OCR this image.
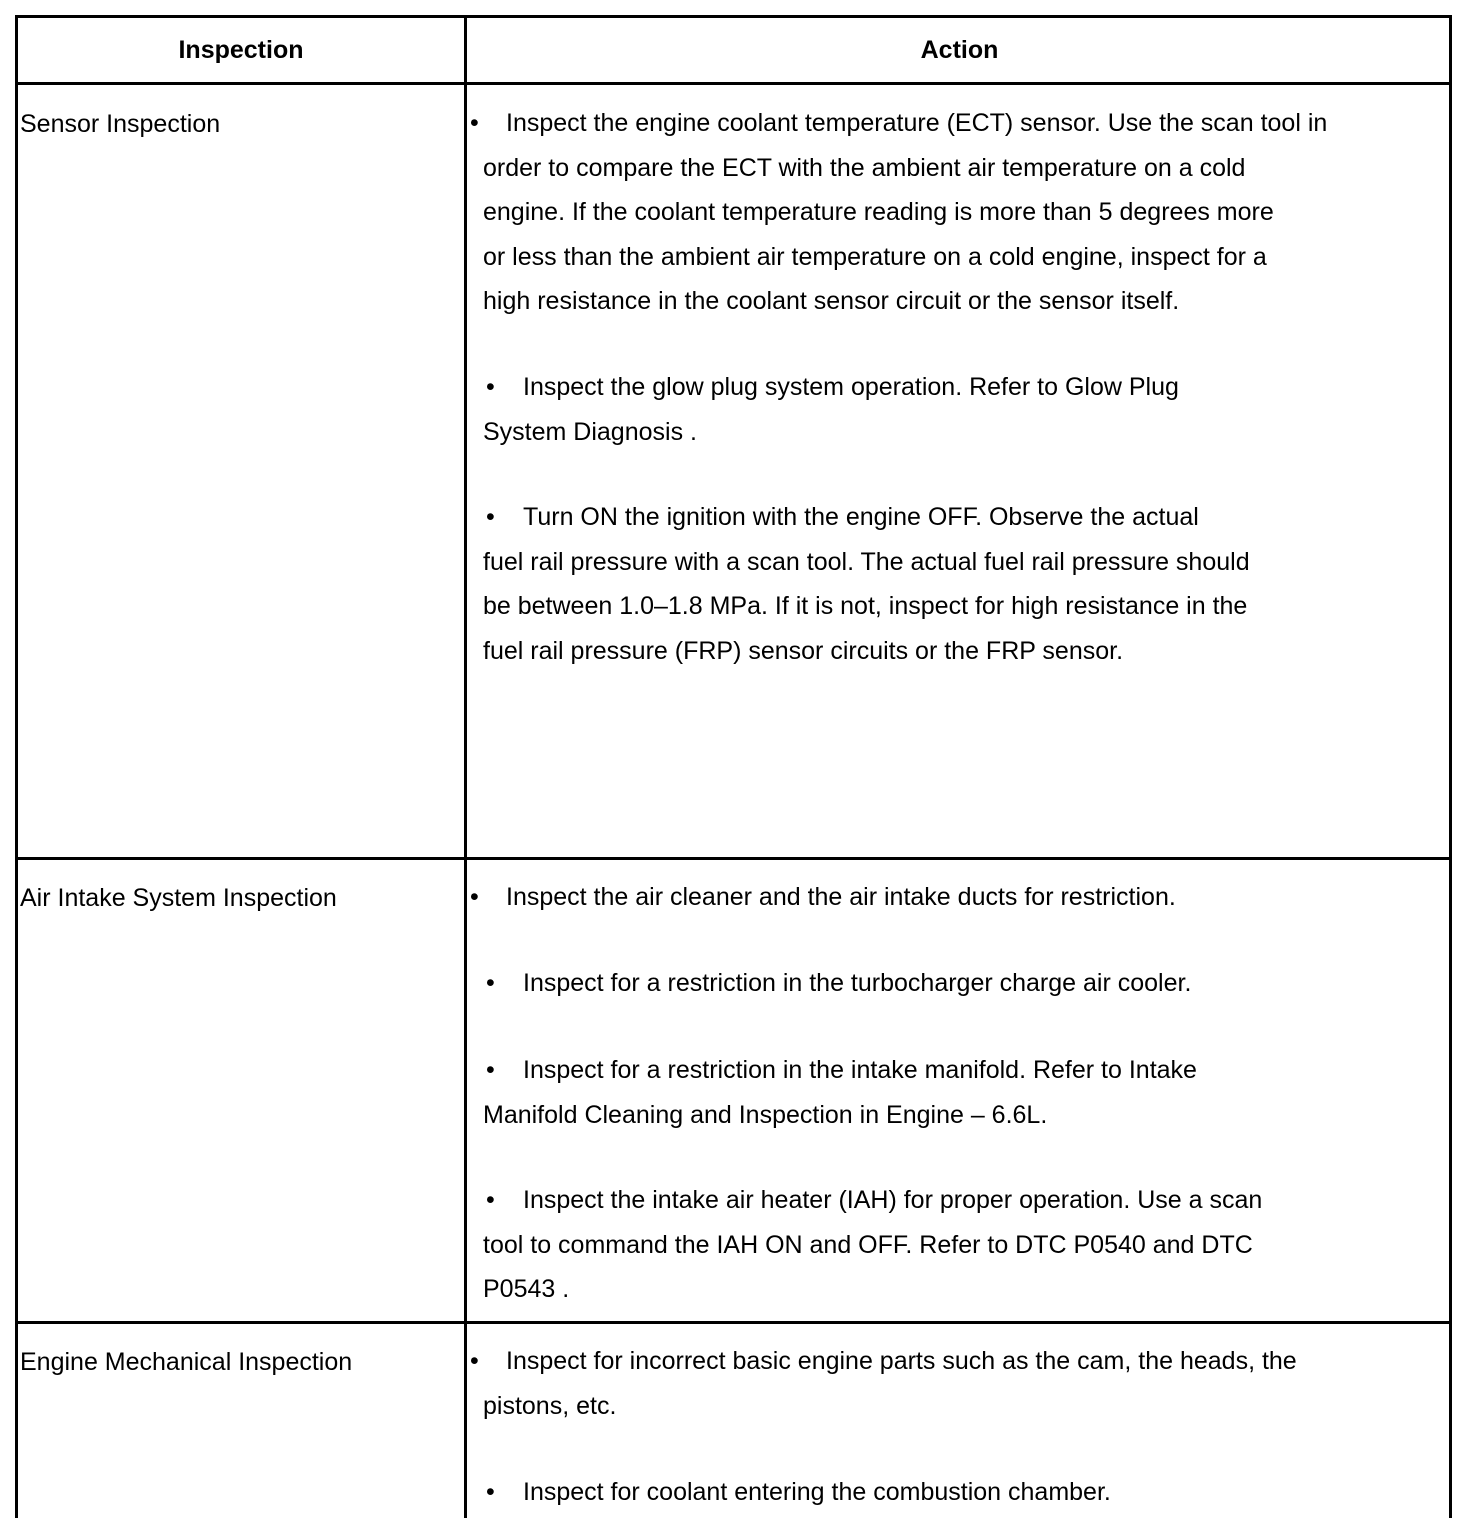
Inspection	Action
Sensor Inspection	•	Inspect the engine coolant temperature (ECT) sensor. Use the scan tool in
order to compare the ECT with the ambient air temperature on a cold
engine. If the coolant temperature reading is more than 5 degrees more
or less than the ambient air temperature on a cold engine, inspect for a
high resistance in the coolant sensor circuit or the sensor itself.
•	Inspect the glow plug system operation. Refer to Glow Plug
System Diagnosis .
•	Turn ON the ignition with the engine OFF. Observe the actual
fuel rail pressure with a scan tool. The actual fuel rail pressure should
be between 1.0–1.8 MPa. If it is not, inspect for high resistance in the
fuel rail pressure (FRP) sensor circuits or the FRP sensor.
Air Intake System Inspection	•	Inspect the air cleaner and the air intake ducts for restriction.
•	Inspect for a restriction in the turbocharger charge air cooler.
•	Inspect for a restriction in the intake manifold. Refer to Intake
Manifold Cleaning and Inspection in Engine – 6.6L.
•	Inspect the intake air heater (IAH) for proper operation. Use a scan
tool to command the IAH ON and OFF. Refer to DTC P0540 and DTC
P0543 .
Engine Mechanical Inspection	•	Inspect for incorrect basic engine parts such as the cam, the heads, the
pistons, etc.
•	Inspect for coolant entering the combustion chamber.
